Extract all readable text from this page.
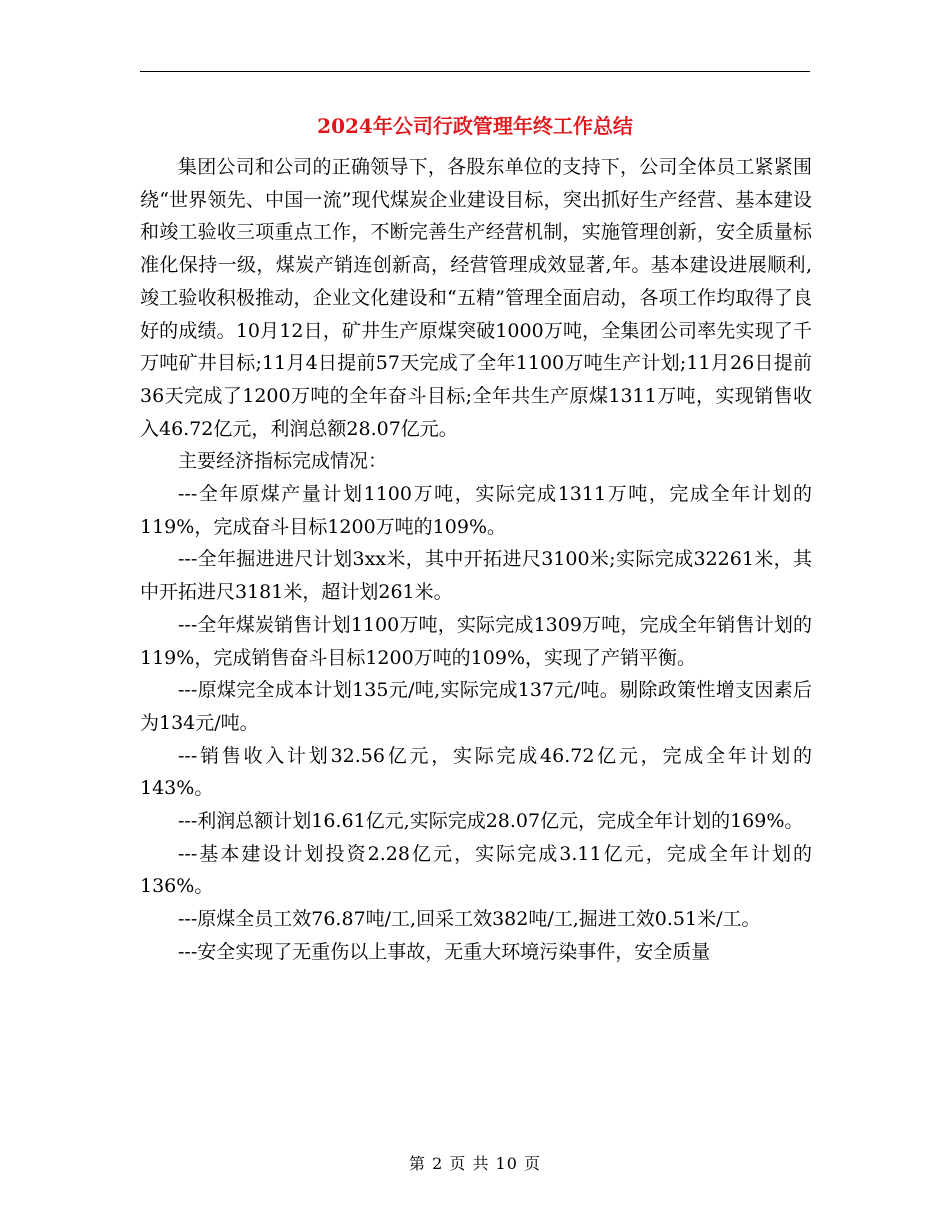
2024年公司行政管理年终工作总结

集团公司和公司的正确领导下，各股东单位的支持下，公司全体员工紧紧围绕“世界领先、中国一流”现代煤炭企业建设目标，突出抓好生产经营、基本建设和竣工验收三项重点工作，不断完善生产经营机制，实施管理创新，安全质量标准化保持一级，煤炭产销连创新高，经营管理成效显著,年。基本建设进展顺利,竣工验收积极推动，企业文化建设和“五精”管理全面启动，各项工作均取得了良好的成绩。10月12日，矿井生产原煤突破1000万吨，全集团公司率先实现了千万吨矿井目标;11月4日提前57天完成了全年1100万吨生产计划;11月26日提前36天完成了1200万吨的全年奋斗目标;全年共生产原煤1311万吨，实现销售收入46.72亿元，利润总额28.07亿元。

主要经济指标完成情况：

---全年原煤产量计划1100万吨，实际完成1311万吨，完成全年计划的119%，完成奋斗目标1200万吨的109%。

---全年掘进进尺计划3xx米，其中开拓进尺3100米;实际完成32261米，其中开拓进尺3181米，超计划261米。

---全年煤炭销售计划1100万吨，实际完成1309万吨，完成全年销售计划的119%，完成销售奋斗目标1200万吨的109%，实现了产销平衡。

---原煤完全成本计划135元/吨,实际完成137元/吨。剔除政策性增支因素后为134元/吨。

---销售收入计划32.56亿元，实际完成46.72亿元，完成全年计划的143%。

---利润总额计划16.61亿元,实际完成28.07亿元，完成全年计划的169%。

---基本建设计划投资2.28亿元，实际完成3.11亿元，完成全年计划的136%。

---原煤全员工效76.87吨/工,回采工效382吨/工,掘进工效0.51米/工。

---安全实现了无重伤以上事故，无重大环境污染事件，安全质量

第 2 页 共 10 页
